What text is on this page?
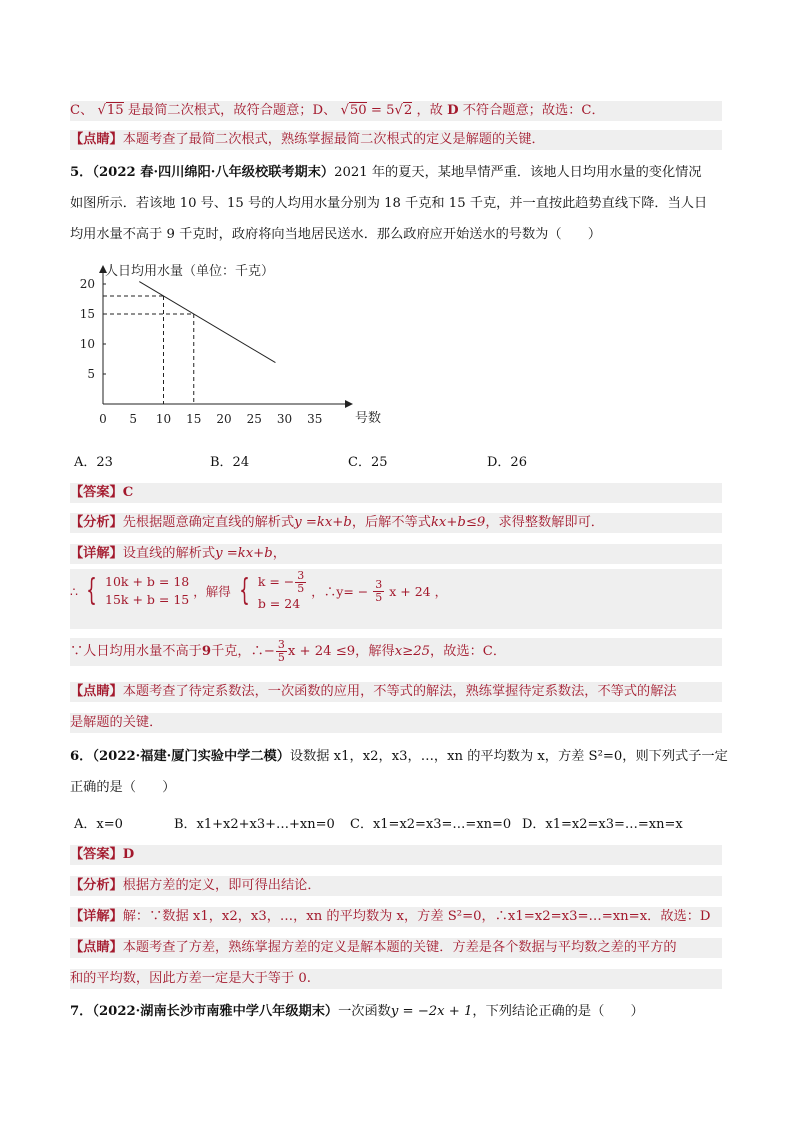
C、 √15 是最简二次根式，故符合题意；D、 √50 = 5√2 ，故 D 不符合题意；故选：C．
【点睛】本题考查了最简二次根式，熟练掌握最简二次根式的定义是解题的关键．
5．（2022 春·四川绵阳·八年级校联考期末）2021 年的夏天，某地旱情严重．该地人日均用水量的变化情况
如图所示．若该地 10 号、15 号的人均用水量分别为 18 千克和 15 千克，并一直按此趋势直线下降．当人日
均用水量不高于 9 千克时，政府将向当地居民送水．那么政府应开始送水的号数为（　　）
人日均用水量（单位：千克）
号数
0 5 10 15 20 25 30 35
5
10
15
20
A．23	B．24	C．25	D．26
【答案】C
【分析】先根据题意确定直线的解析式y =kx+b，后解不等式kx+b≤9，求得整数解即可．
【详解】设直线的解析式y =kx+b，
∴ { 10k + b = 18
15k + b = 15
，解得 { k = − $\frac{3}{5}$
b = 24
，∴y= − $\frac{3}{5}$ x + 24 ，
∵人日均用水量不高于9千克，∴− $\frac{3}{5}$ x + 24 ≤9，解得x≥25，故选：C．
【点睛】本题考查了待定系数法，一次函数的应用，不等式的解法，熟练掌握待定系数法，不等式的解法
是解题的关键．
6．（2022·福建·厦门实验中学二模）设数据 x1，x2，x3，…，xn 的平均数为 x，方差 S²=0，则下列式子一定
正确的是（　　）
A．x=0	B．x1+x2+x3+…+xn=0 C．x1=x2=x3=…=xn=0 D．x1=x2=x3=…=xn=x
【答案】D
【分析】根据方差的定义，即可得出结论．
【详解】解：∵数据 x1，x2，x3，…，xn 的平均数为 x，方差 S²=0，∴x1=x2=x3=…=xn=x．故选：D
【点睛】本题考查了方差，熟练掌握方差的定义是解本题的关键．方差是各个数据与平均数之差的平方的
和的平均数，因此方差一定是大于等于 0.
7．（2022·湖南长沙市南雅中学八年级期末）一次函数y = −2x + 1，下列结论正确的是（　　）
